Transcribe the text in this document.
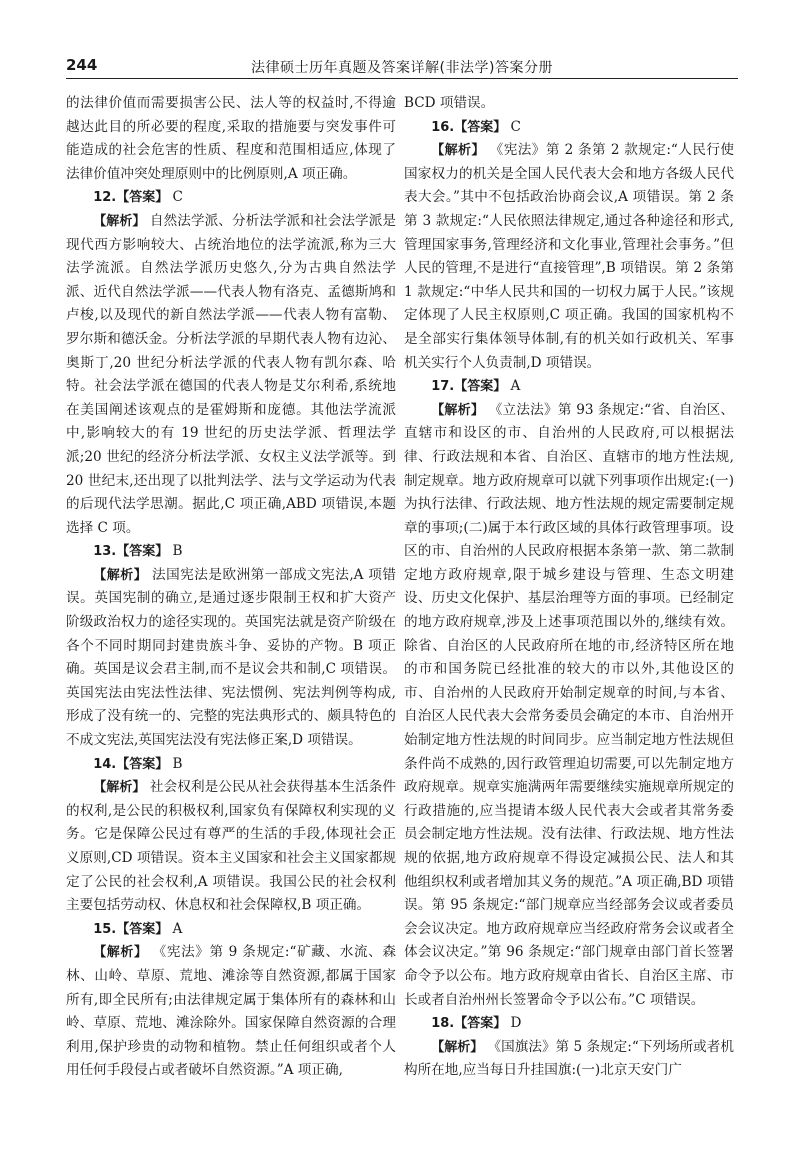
244	法律硕士历年真题及答案详解(非法学)答案分册

的法律价值而需要损害公民、法人等的权益时,不得逾越达此目的所必要的程度,采取的措施要与突发事件可能造成的社会危害的性质、程度和范围相适应,体现了法律价值冲突处理原则中的比例原则,A 项正确。

12.【答案】 C

【解析】 自然法学派、分析法学派和社会法学派是现代西方影响较大、占统治地位的法学流派,称为三大法学流派。自然法学派历史悠久,分为古典自然法学派、近代自然法学派——代表人物有洛克、孟德斯鸠和卢梭,以及现代的新自然法学派——代表人物有富勒、罗尔斯和德沃金。分析法学派的早期代表人物有边沁、奥斯丁,20 世纪分析法学派的代表人物有凯尔森、哈特。社会法学派在德国的代表人物是艾尔利希,系统地在美国阐述该观点的是霍姆斯和庞德。其他法学流派中,影响较大的有 19 世纪的历史法学派、哲理法学派;20 世纪的经济分析法学派、女权主义法学派等。到 20 世纪末,还出现了以批判法学、法与文学运动为代表的后现代法学思潮。据此,C 项正确,ABD 项错误,本题选择 C 项。

13.【答案】 B

【解析】 法国宪法是欧洲第一部成文宪法,A 项错误。英国宪制的确立,是通过逐步限制王权和扩大资产阶级政治权力的途径实现的。英国宪法就是资产阶级在各个不同时期同封建贵族斗争、妥协的产物。B 项正确。英国是议会君主制,而不是议会共和制,C 项错误。英国宪法由宪法性法律、宪法惯例、宪法判例等构成,形成了没有统一的、完整的宪法典形式的、颇具特色的不成文宪法,英国宪法没有宪法修正案,D 项错误。

14.【答案】 B

【解析】 社会权利是公民从社会获得基本生活条件的权利,是公民的积极权利,国家负有保障权利实现的义务。它是保障公民过有尊严的生活的手段,体现社会正义原则,CD 项错误。资本主义国家和社会主义国家都规定了公民的社会权利,A 项错误。我国公民的社会权利主要包括劳动权、休息权和社会保障权,B 项正确。

15.【答案】 A

【解析】 《宪法》第 9 条规定:“矿藏、水流、森林、山岭、草原、荒地、滩涂等自然资源,都属于国家所有,即全民所有;由法律规定属于集体所有的森林和山岭、草原、荒地、滩涂除外。国家保障自然资源的合理利用,保护珍贵的动物和植物。禁止任何组织或者个人用任何手段侵占或者破坏自然资源。”A 项正确,

BCD 项错误。

16.【答案】 C

【解析】 《宪法》第 2 条第 2 款规定:“人民行使国家权力的机关是全国人民代表大会和地方各级人民代表大会。”其中不包括政治协商会议,A 项错误。第 2 条第 3 款规定:“人民依照法律规定,通过各种途径和形式,管理国家事务,管理经济和文化事业,管理社会事务。”但人民的管理,不是进行“直接管理”,B 项错误。第 2 条第 1 款规定:“中华人民共和国的一切权力属于人民。”该规定体现了人民主权原则,C 项正确。我国的国家机构不是全部实行集体领导体制,有的机关如行政机关、军事机关实行个人负责制,D 项错误。

17.【答案】 A

【解析】 《立法法》第 93 条规定:“省、自治区、直辖市和设区的市、自治州的人民政府,可以根据法律、行政法规和本省、自治区、直辖市的地方性法规,制定规章。地方政府规章可以就下列事项作出规定:(一)为执行法律、行政法规、地方性法规的规定需要制定规章的事项;(二)属于本行政区域的具体行政管理事项。设区的市、自治州的人民政府根据本条第一款、第二款制定地方政府规章,限于城乡建设与管理、生态文明建设、历史文化保护、基层治理等方面的事项。已经制定的地方政府规章,涉及上述事项范围以外的,继续有效。除省、自治区的人民政府所在地的市,经济特区所在地的市和国务院已经批准的较大的市以外,其他设区的市、自治州的人民政府开始制定规章的时间,与本省、自治区人民代表大会常务委员会确定的本市、自治州开始制定地方性法规的时间同步。应当制定地方性法规但条件尚不成熟的,因行政管理迫切需要,可以先制定地方政府规章。规章实施满两年需要继续实施规章所规定的行政措施的,应当提请本级人民代表大会或者其常务委员会制定地方性法规。没有法律、行政法规、地方性法规的依据,地方政府规章不得设定减损公民、法人和其他组织权利或者增加其义务的规范。”A 项正确,BD 项错误。第 95 条规定:“部门规章应当经部务会议或者委员会会议决定。地方政府规章应当经政府常务会议或者全体会议决定。”第 96 条规定:“部门规章由部门首长签署命令予以公布。地方政府规章由省长、自治区主席、市长或者自治州州长签署命令予以公布。”C 项错误。

18.【答案】 D

【解析】 《国旗法》第 5 条规定:“下列场所或者机构所在地,应当每日升挂国旗:(一)北京天安门广
